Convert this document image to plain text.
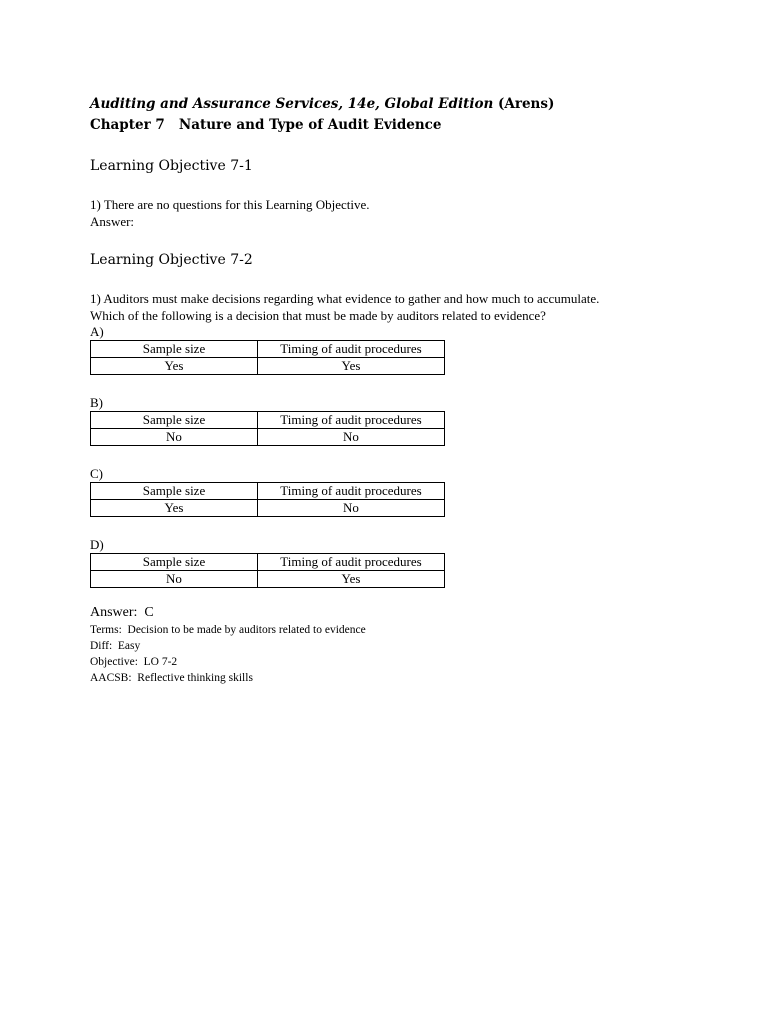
Auditing and Assurance Services, 14e, Global Edition (Arens)
Chapter 7   Nature and Type of Audit Evidence
Learning Objective 7-1
1) There are no questions for this Learning Objective.
Answer:
Learning Objective 7-2
1) Auditors must make decisions regarding what evidence to gather and how much to accumulate.
Which of the following is a decision that must be made by auditors related to evidence?
A)
Sample size	Timing of audit procedures
Yes	Yes
B)
Sample size	Timing of audit procedures
No	No
C)
Sample size	Timing of audit procedures
Yes	No
D)
Sample size	Timing of audit procedures
No	Yes
Answer:  C
Terms:  Decision to be made by auditors related to evidence
Diff:  Easy
Objective:  LO 7-2
AACSB:  Reflective thinking skills
